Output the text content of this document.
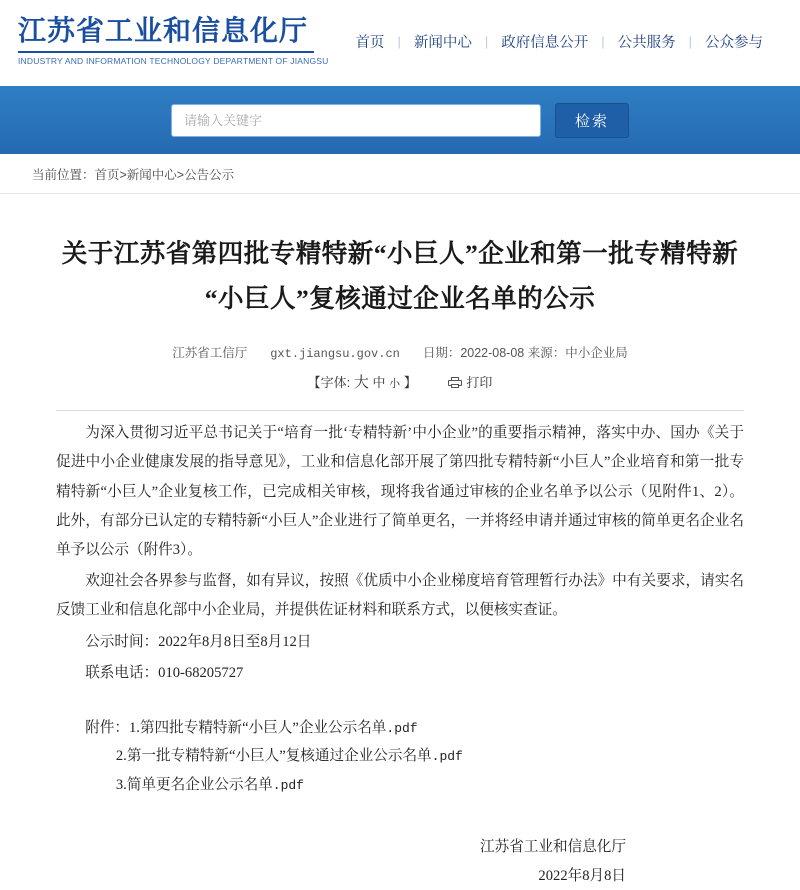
江苏省工业和信息化厅
INDUSTRY AND INFORMATION TECHNOLOGY DEPARTMENT OF JIANGSU
首页	| 新闻中心	| 政府信息公开	| 公共服务	| 公众参与
请输入关键字
检索
当前位置：首页>新闻中心>公告公示
关于江苏省第四批专精特新“小巨人”企业和第一批专精特新“小巨人”复核通过企业名单的公示
江苏省工信厅 gxt.jiangsu.gov.cn 日期：2022-08-08 来源：中小企业局
【字体: 大 中 小 】	打印

为深入贯彻习近平总书记关于“培育一批‘专精特新’中小企业”的重要指示精神，落实中办、国办《关于促进中小企业健康发展的指导意见》，工业和信息化部开展了第四批专精特新“小巨人”企业培育和第一批专精特新“小巨人”企业复核工作，已完成相关审核，现将我省通过审核的企业名单予以公示（见附件1、2）。此外，有部分已认定的专精特新“小巨人”企业进行了简单更名，一并将经申请并通过审核的简单更名企业名单予以公示（附件3）。

欢迎社会各界参与监督，如有异议，按照《优质中小企业梯度培育管理暂行办法》中有关要求，请实名反馈工业和信息化部中小企业局，并提供佐证材料和联系方式，以便核实查证。

公示时间：2022年8月8日至8月12日

联系电话：010-68205727

附件：1.第四批专精特新“小巨人”企业公示名单.pdf
2.第一批专精特新“小巨人”复核通过企业公示名单.pdf
3.简单更名企业公示名单.pdf
江苏省工业和信息化厅
2022年8月8日
